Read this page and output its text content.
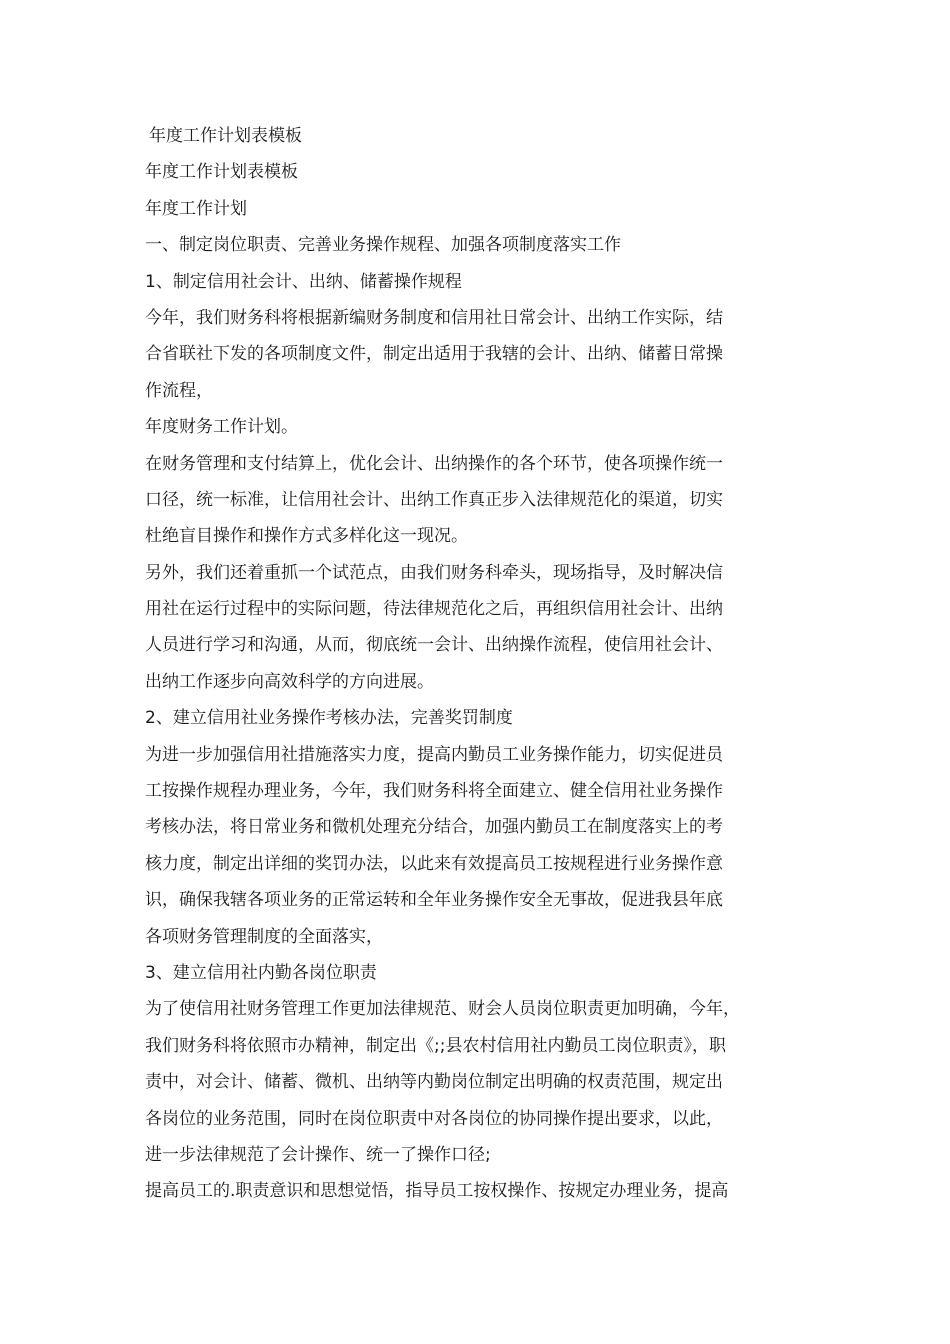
年度工作计划表模板
年度工作计划表模板
年度工作计划
一、制定岗位职责、完善业务操作规程、加强各项制度落实工作
1、制定信用社会计、出纳、储蓄操作规程
今年，我们财务科将根据新编财务制度和信用社日常会计、出纳工作实际，结
合省联社下发的各项制度文件，制定出适用于我辖的会计、出纳、储蓄日常操
作流程，
年度财务工作计划。
在财务管理和支付结算上，优化会计、出纳操作的各个环节，使各项操作统一
口径，统一标准，让信用社会计、出纳工作真正步入法律规范化的渠道，切实
杜绝盲目操作和操作方式多样化这一现况。
另外，我们还着重抓一个试范点，由我们财务科牵头，现场指导，及时解决信
用社在运行过程中的实际问题，待法律规范化之后，再组织信用社会计、出纳
人员进行学习和沟通，从而，彻底统一会计、出纳操作流程，使信用社会计、
出纳工作逐步向高效科学的方向进展。
2、建立信用社业务操作考核办法，完善奖罚制度
为进一步加强信用社措施落实力度，提高内勤员工业务操作能力，切实促进员
工按操作规程办理业务，今年，我们财务科将全面建立、健全信用社业务操作
考核办法，将日常业务和微机处理充分结合，加强内勤员工在制度落实上的考
核力度，制定出详细的奖罚办法，以此来有效提高员工按规程进行业务操作意
识，确保我辖各项业务的正常运转和全年业务操作安全无事故，促进我县年底
各项财务管理制度的全面落实，
3、建立信用社内勤各岗位职责
为了使信用社财务管理工作更加法律规范、财会人员岗位职责更加明确，今年，
我们财务科将依照市办精神，制定出《;;县农村信用社内勤员工岗位职责》，职
责中，对会计、储蓄、微机、出纳等内勤岗位制定出明确的权责范围，规定出
各岗位的业务范围，同时在岗位职责中对各岗位的协同操作提出要求，以此，
进一步法律规范了会计操作、统一了操作口径;
提高员工的.职责意识和思想觉悟，指导员工按权操作、按规定办理业务，提高
